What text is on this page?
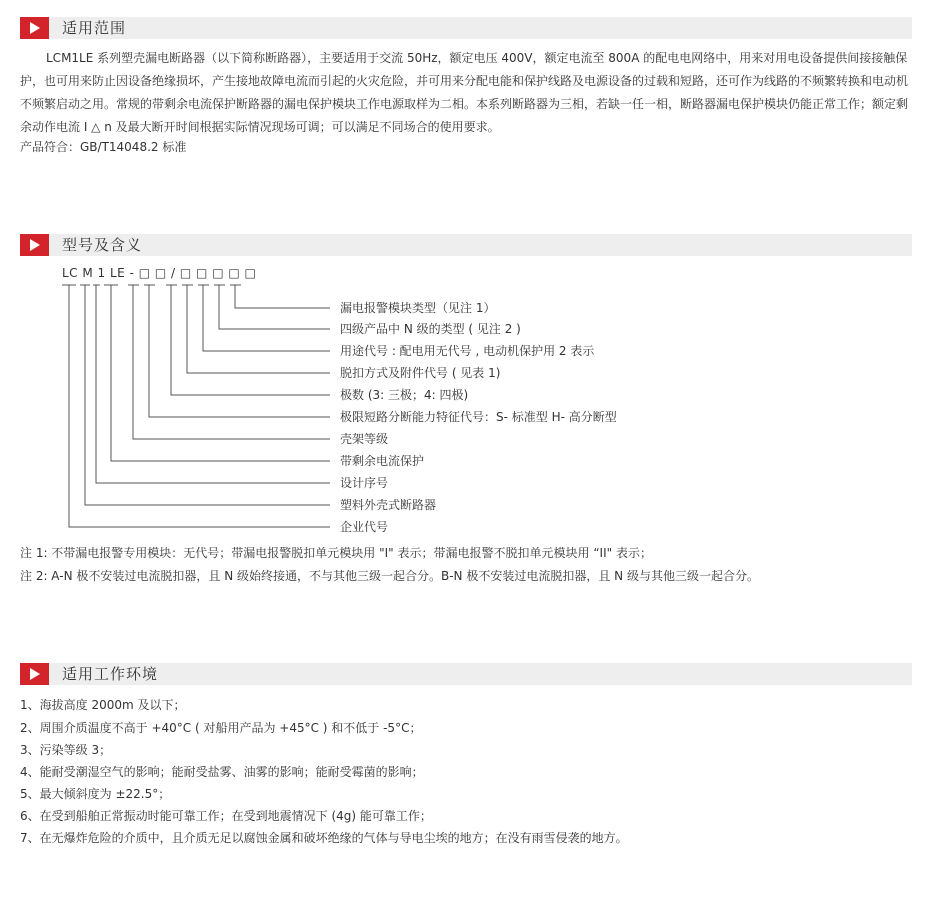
适用范围
LCM1LE 系列塑壳漏电断路器（以下简称断路器），主要适用于交流 50Hz，额定电压 400V，额定电流至 800A 的配电电网络中，用来对用电设备提供间接接触保护，也可用来防止因设备绝缘损坏，产生接地故障电流而引起的火灾危险，并可用来分配电能和保护线路及电源设备的过载和短路，还可作为线路的不频繁转换和电动机不频繁启动之用。常规的带剩余电流保护断路器的漏电保护模块工作电源取样为二相。本系列断路器为三相，若缺一任一相，断路器漏电保护模块仍能正常工作；额定剩余动作电流 I △ n 及最大断开时间根据实际情况现场可调；可以满足不同场合的使用要求。
产品符合：GB/T14048.2 标准
型号及含义
LC M 1 LE - □ □ / □ □ □ □ □
漏电报警模块类型（见注 1）
四级产品中 N 级的类型 ( 见注 2 )
用途代号 : 配电用无代号 , 电动机保护用 2 表示
脱扣方式及附件代号 ( 见表 1)
极数 (3: 三极；4: 四极)
极限短路分断能力特征代号：S- 标准型 H- 高分断型
壳架等级
带剩余电流保护
设计序号
塑料外壳式断路器
企业代号
注 1: 不带漏电报警专用模块：无代号；带漏电报警脱扣单元模块用 "I" 表示；带漏电报警不脱扣单元模块用 “II" 表示；
注 2: A-N 极不安装过电流脱扣器，且 N 级始终接通，不与其他三级一起合分。B-N 极不安装过电流脱扣器，且 N 级与其他三级一起合分。
适用工作环境
1、海拔高度 2000m 及以下；
2、周围介质温度不高于 +40°C ( 对船用产品为 +45°C ) 和不低于 -5°C；
3、污染等级 3；
4、能耐受潮湿空气的影响；能耐受盐雾、油雾的影响；能耐受霉菌的影响；
5、最大倾斜度为 ±22.5°；
6、在受到船舶正常振动时能可靠工作；在受到地震情况下 (4g) 能可靠工作；
7、在无爆炸危险的介质中，且介质无足以腐蚀金属和破坏绝缘的气体与导电尘埃的地方；在没有雨雪侵袭的地方。
